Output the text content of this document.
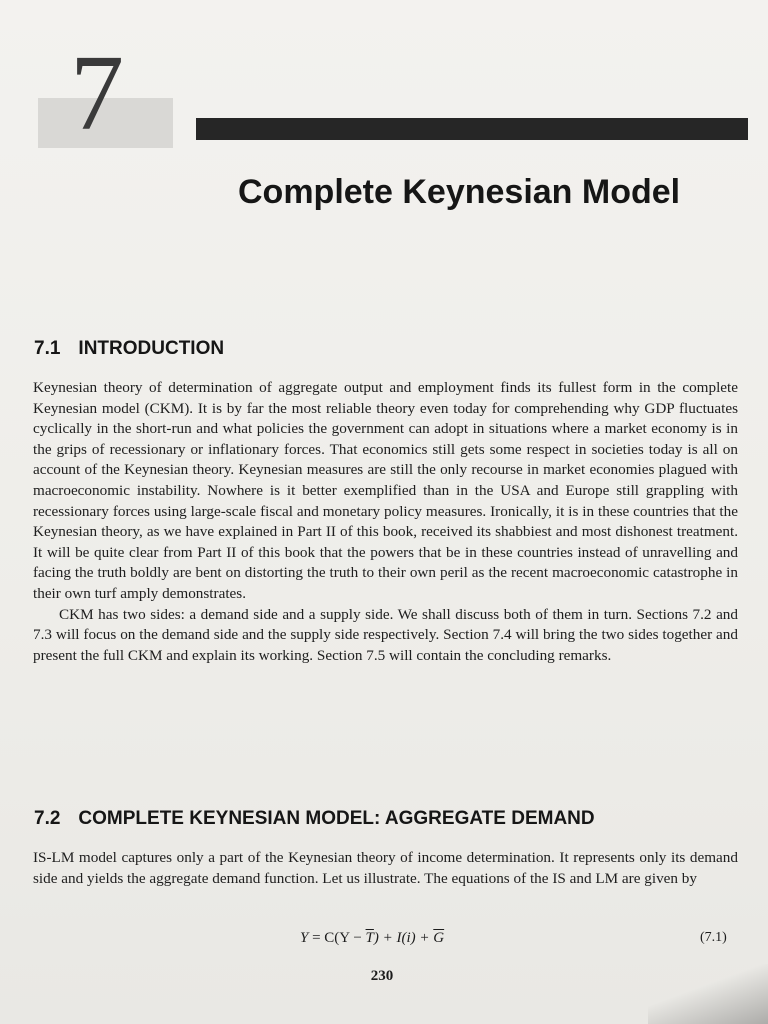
7
Complete Keynesian Model
7.1 INTRODUCTION

Keynesian theory of determination of aggregate output and employment finds its fullest form in the complete Keynesian model (CKM). It is by far the most reliable theory even today for comprehending why GDP fluctuates cyclically in the short-run and what policies the government can adopt in situations where a market economy is in the grips of recessionary or inflationary forces. That economics still gets some respect in societies today is all on account of the Keynesian theory. Keynesian measures are still the only recourse in market economies plagued with macroeconomic instability. Nowhere is it better exemplified than in the USA and Europe still grappling with recessionary forces using large-scale fiscal and monetary policy measures. Ironically, it is in these countries that the Keynesian theory, as we have explained in Part II of this book, received its shabbiest and most dishonest treatment. It will be quite clear from Part II of this book that the powers that be in these countries instead of unravelling and facing the truth boldly are bent on distorting the truth to their own peril as the recent macroeconomic catastrophe in their own turf amply demonstrates.

CKM has two sides: a demand side and a supply side. We shall discuss both of them in turn. Sections 7.2 and 7.3 will focus on the demand side and the supply side respectively. Section 7.4 will bring the two sides together and present the full CKM and explain its working. Section 7.5 will contain the concluding remarks.

7.2 COMPLETE KEYNESIAN MODEL: AGGREGATE DEMAND

IS-LM model captures only a part of the Keynesian theory of income determination. It represents only its demand side and yields the aggregate demand function. Let us illustrate. The equations of the IS and LM are given by

$Y = C(Y - \overline{T}) + I(i) + \overline{G}$	(7.1)
230
